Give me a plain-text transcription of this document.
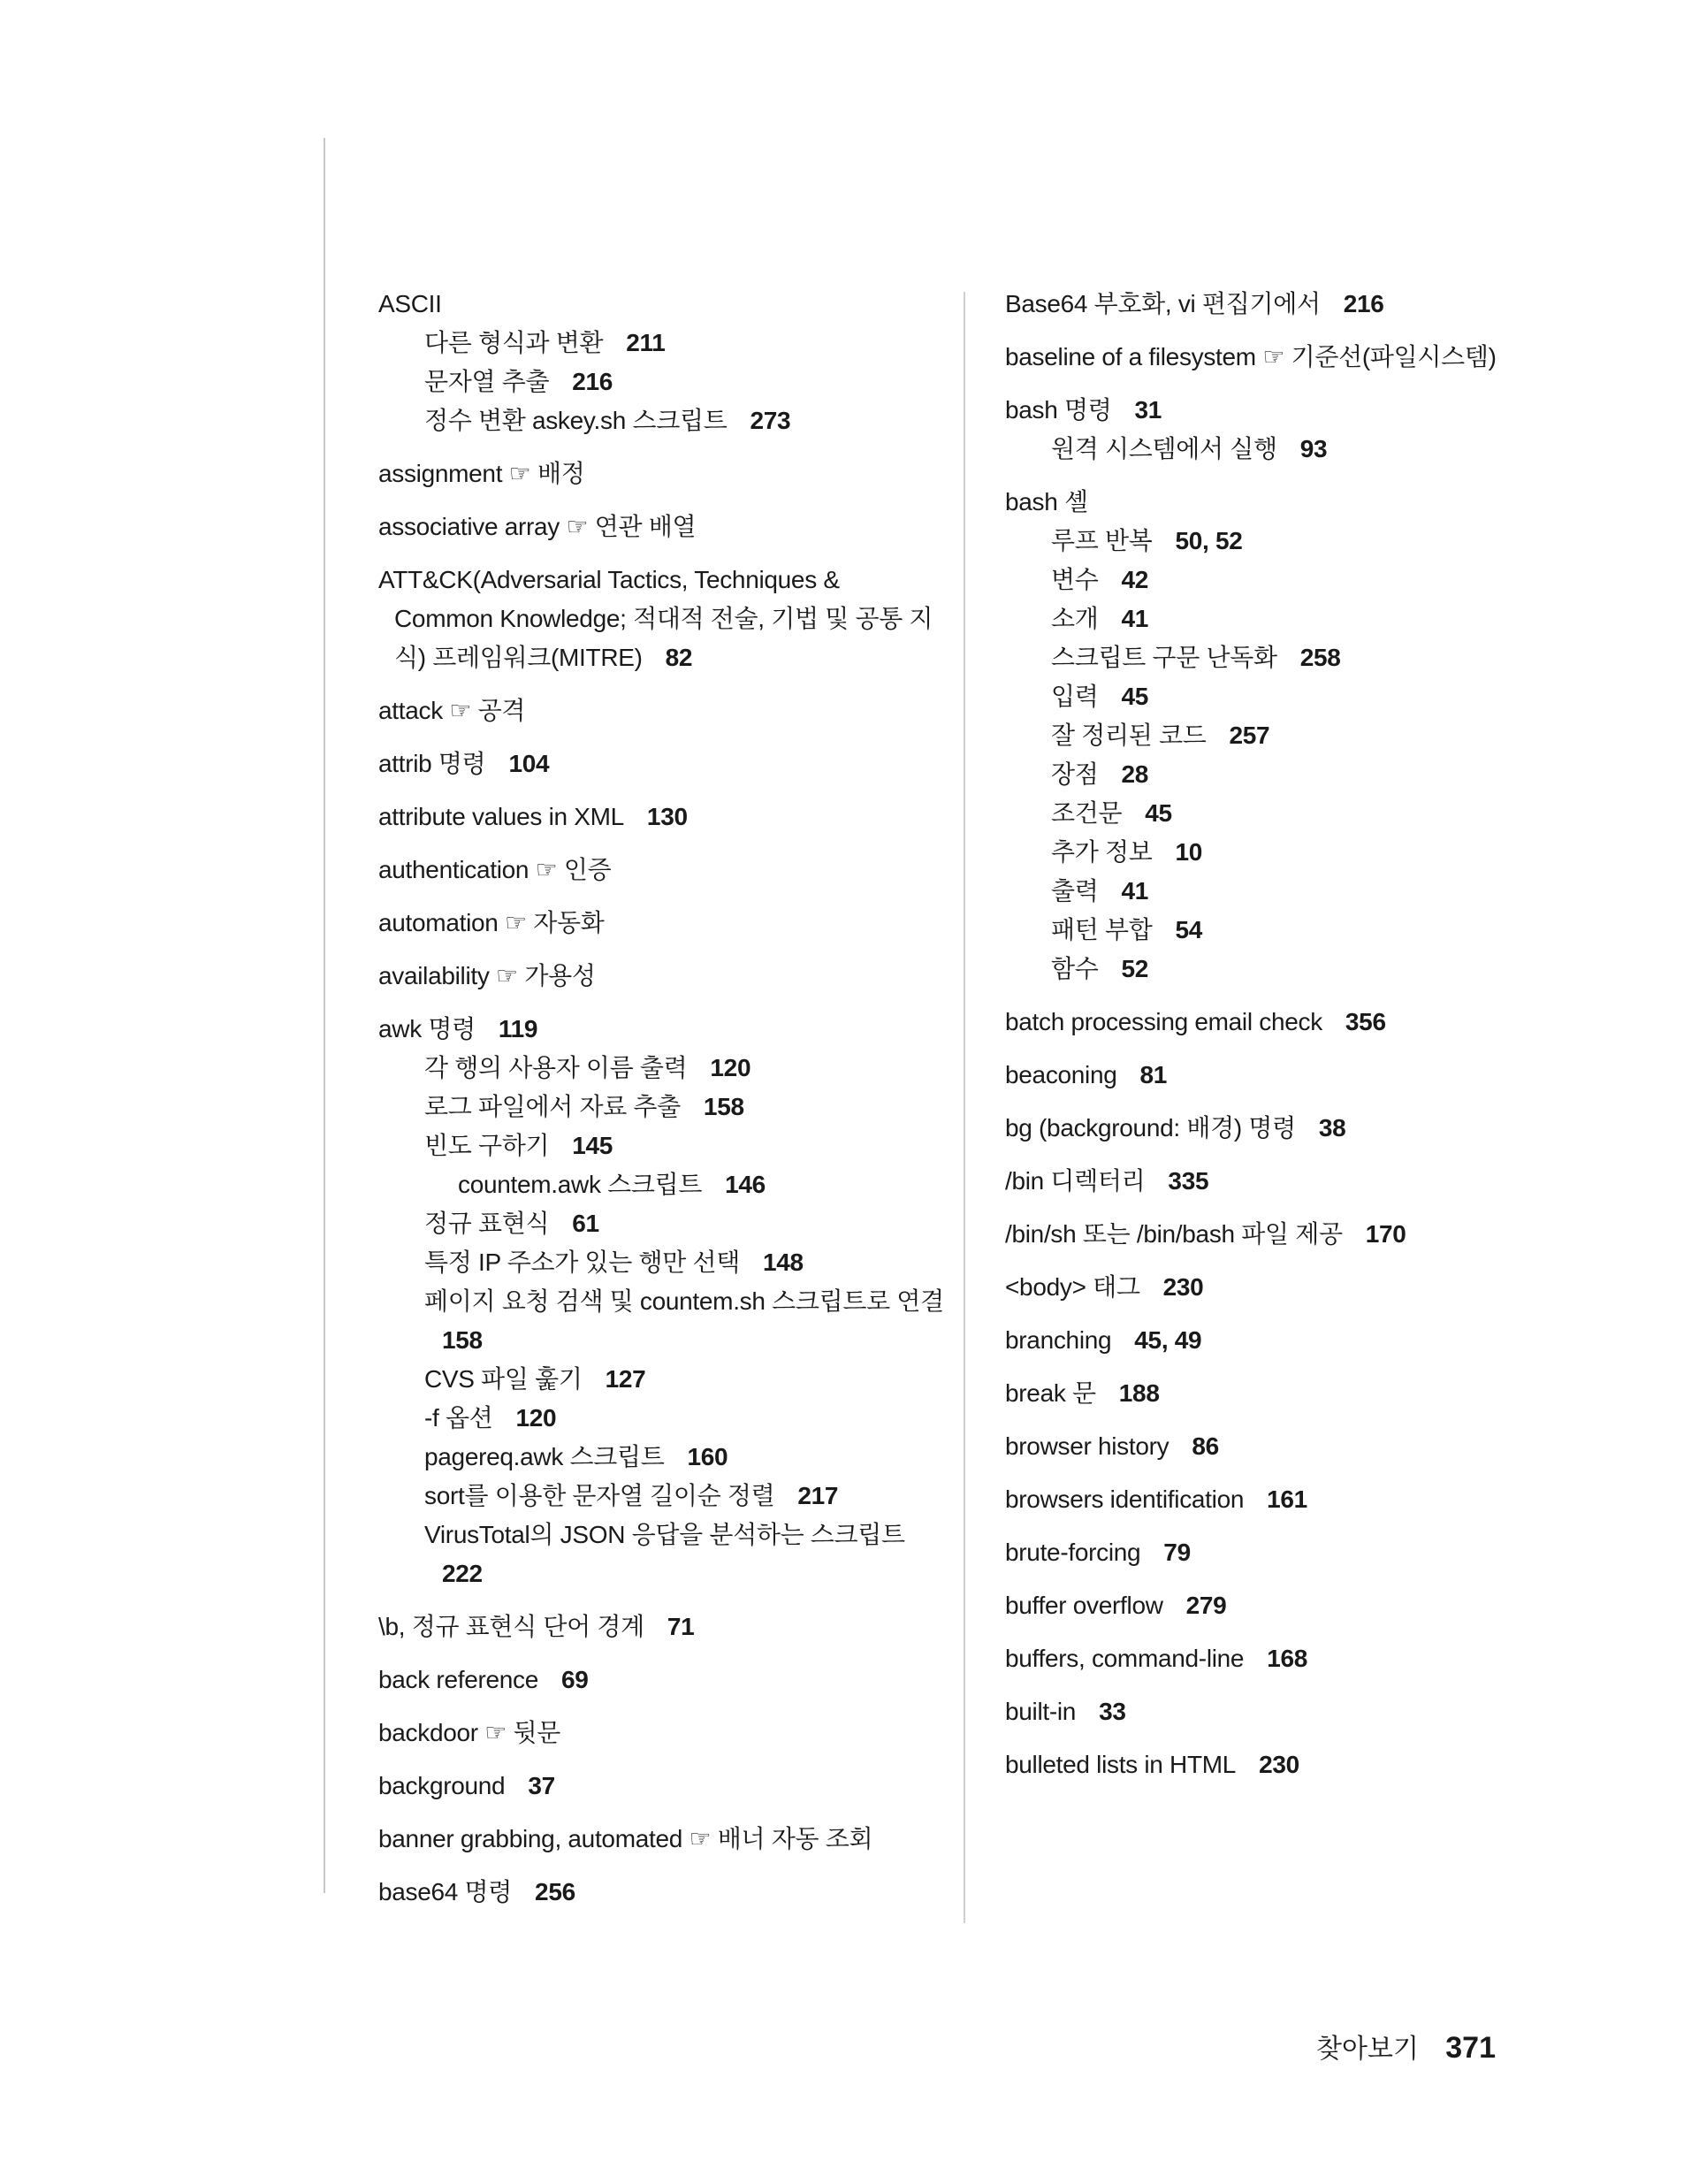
ASCII
다른 형식과 변환 211
문자열 추출 216
정수 변환 askey.sh 스크립트 273
assignment ☞ 배정
associative array ☞ 연관 배열
ATT&CK(Adversarial Tactics, Techniques &
Common Knowledge; 적대적 전술, 기법 및 공통 지
식) 프레임워크(MITRE) 82
attack ☞ 공격
attrib 명령 104
attribute values in XML 130
authentication ☞ 인증
automation ☞ 자동화
availability ☞ 가용성
awk 명령 119
각 행의 사용자 이름 출력 120
로그 파일에서 자료 추출 158
빈도 구하기 145
countem.awk 스크립트 146
정규 표현식 61
특정 IP 주소가 있는 행만 선택 148
페이지 요청 검색 및 countem.sh 스크립트로 연결
158
CVS 파일 훑기 127
-f 옵션 120
pagereq.awk 스크립트 160
sort를 이용한 문자열 길이순 정렬 217
VirusTotal의 JSON 응답을 분석하는 스크립트
222
\b, 정규 표현식 단어 경계 71
back reference 69
backdoor ☞ 뒷문
background 37
banner grabbing, automated ☞ 배너 자동 조회
base64 명령 256
Base64 부호화, vi 편집기에서 216
baseline of a filesystem ☞ 기준선(파일시스템)
bash 명령 31
원격 시스템에서 실행 93
bash 셸
루프 반복 50, 52
변수 42
소개 41
스크립트 구문 난독화 258
입력 45
잘 정리된 코드 257
장점 28
조건문 45
추가 정보 10
출력 41
패턴 부합 54
함수 52
batch processing email check 356
beaconing 81
bg (background: 배경) 명령 38
/bin 디렉터리 335
/bin/sh 또는 /bin/bash 파일 제공 170
<body> 태그 230
branching 45, 49
break 문 188
browser history 86
browsers identification 161
brute-forcing 79
buffer overflow 279
buffers, command-line 168
built-in 33
bulleted lists in HTML 230
찾아보기 371
